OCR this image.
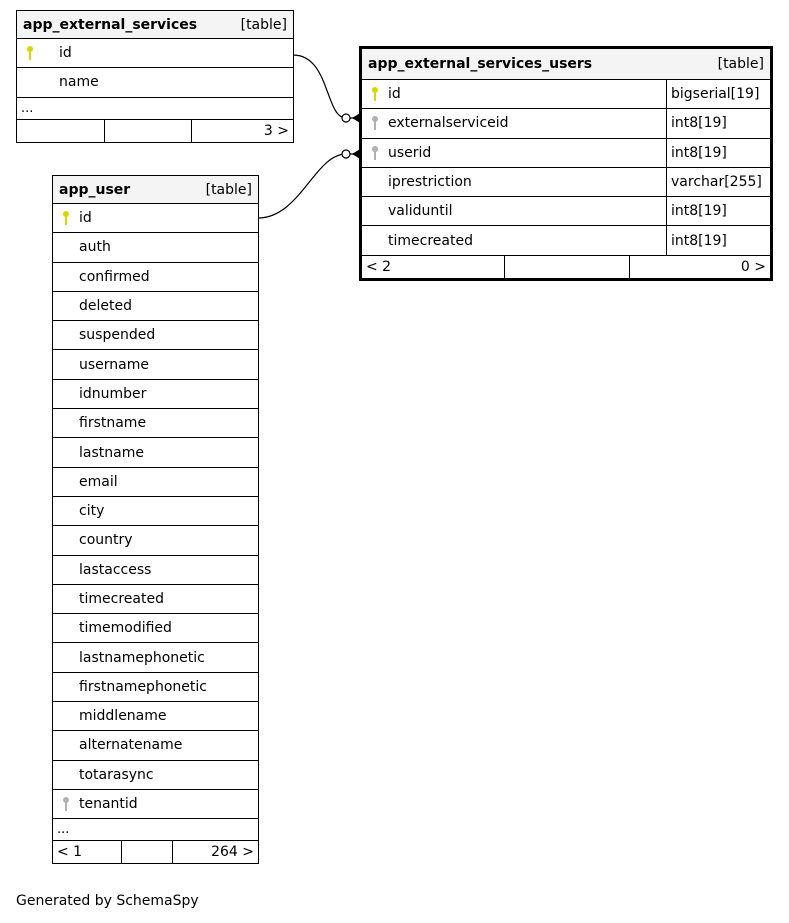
app_external_services	[table]
id
name
...
3 >
app_external_services_users	[table]
id	bigserial[19]
externalserviceid	int8[19]
userid	int8[19]
iprestriction	varchar[255]
validuntil	int8[19]
timecreated	int8[19]
< 2	0 >
app_user	[table]
id
auth
confirmed
deleted
suspended
username
idnumber
firstname
lastname
email
city
country
lastaccess
timecreated
timemodified
lastnamephonetic
firstnamephonetic
middlename
alternatename
totarasync
tenantid
...
< 1	264 >
Generated by SchemaSpy
